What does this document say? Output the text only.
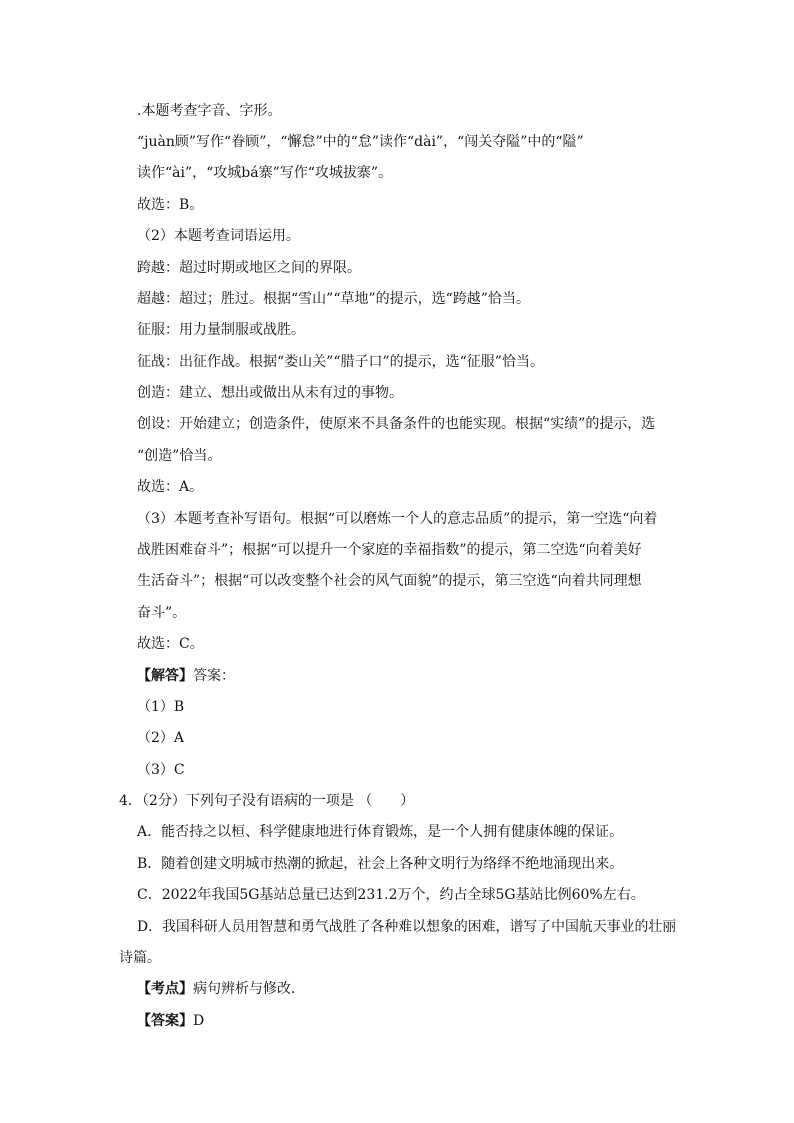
.本题考查字音、字形。
“juàn顾”写作“眷顾”，“懈怠”中的“怠”读作“dài”，“闯关夺隘”中的“隘”
读作“ài”，“攻城bá寨”写作“攻城拔寨”。
故选：B。
（2）本题考查词语运用。
跨越：超过时期或地区之间的界限。
超越：超过；胜过。根据“雪山”“草地”的提示，选“跨越”恰当。
征服：用力量制服或战胜。
征战：出征作战。根据“娄山关”“腊子口”的提示，选“征服”恰当。
创造：建立、想出或做出从未有过的事物。
创设：开始建立；创造条件，使原来不具备条件的也能实现。根据“实绩”的提示，选
“创造”恰当。
故选：A。
（3）本题考查补写语句。根据“可以磨炼一个人的意志品质”的提示，第一空选“向着
战胜困难奋斗”；根据“可以提升一个家庭的幸福指数”的提示，第二空选“向着美好
生活奋斗”；根据“可以改变整个社会的风气面貌”的提示，第三空选“向着共同理想
奋斗”。
故选：C。
【解答】答案：
（1）B
（2）A
（3）C
4．（2分）下列句子没有语病的一项是 （　　）
A．能否持之以桓、科学健康地进行体育锻炼，是一个人拥有健康体魄的保证。
B．随着创建文明城市热潮的掀起，社会上各种文明行为络绎不绝地涌现出来。
C．2022年我国5G基站总量已达到231.2万个，约占全球5G基站比例60%左右。
D．我国科研人员用智慧和勇气战胜了各种难以想象的困难，谱写了中国航天事业的壮丽
诗篇。
【考点】病句辨析与修改．
【答案】D
